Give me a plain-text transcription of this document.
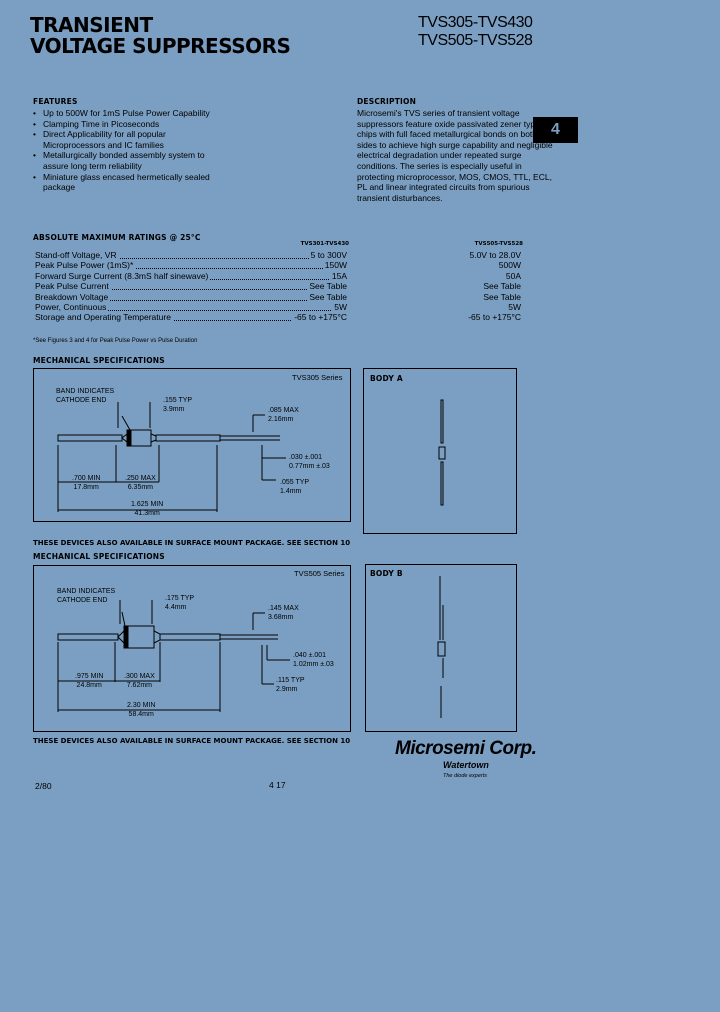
TRANSIENT
VOLTAGE SUPPRESSORS
TVS305-TVS430
TVS505-TVS528
4
FEATURES
• Up to 500W for 1mS Pulse Power Capability
• Clamping Time in Picoseconds
• Direct Applicability for all popular Microprocessors and IC families
• Metallurgically bonded assembly system to assure long term reliability
• Miniature glass encased hermetically sealed package
DESCRIPTION

Microsemi's TVS series of transient voltage suppressors feature oxide passivated zener type chips with full faced metallurgical bonds on both sides to achieve high surge capability and negligible electrical degradation under repeated surge conditions. The series is especially useful in protecting microprocessor, MOS, CMOS, TTL, ECL, PL and linear integrated circuits from spurious transient disturbances.

ABSOLUTE MAXIMUM RATINGS @ 25°C
TVS301-TVS430	TVS505-TVS528
Stand-off Voltage, VR	5 to 300V	5.0V to 28.0V
Peak Pulse Power (1mS)*	150W	500W
Forward Surge Current (8.3mS half sinewave)	15A	50A
Peak Pulse Current	See Table	See Table
Breakdown Voltage	See Table	See Table
Power, Continuous	5W	5W
Storage and Operating Temperature	-65 to +175°C	-65 to +175°C
*See Figures 3 and 4 for Peak Pulse Power vs Pulse Duration
MECHANICAL SPECIFICATIONS
TVS305 Series
BAND INDICATES
CATHODE END	.155 TYP
3.9mm	.085 MAX
2.16mm
.030 ±.001
0.77mm ±.03
.055 TYP
1.4mm
.700 MIN
17.8mm
.250 MAX
6.35mm
1.625 MIN
41.3mm
BODY A
THESE DEVICES ALSO AVAILABLE IN SURFACE MOUNT PACKAGE. SEE SECTION 10
MECHANICAL SPECIFICATIONS
TVS505 Series
BAND INDICATES
CATHODE END	.175 TYP
4.4mm	.145 MAX
3.68mm
.040 ±.001
1.02mm ±.03
.115 TYP
2.9mm
.975 MIN
24.8mm
.300 MAX
7.62mm
2.30 MIN
58.4mm
BODY B
THESE DEVICES ALSO AVAILABLE IN SURFACE MOUNT PACKAGE. SEE SECTION 10 Microsemi Corp.
Watertown
The diode experts
2/80	4 17
